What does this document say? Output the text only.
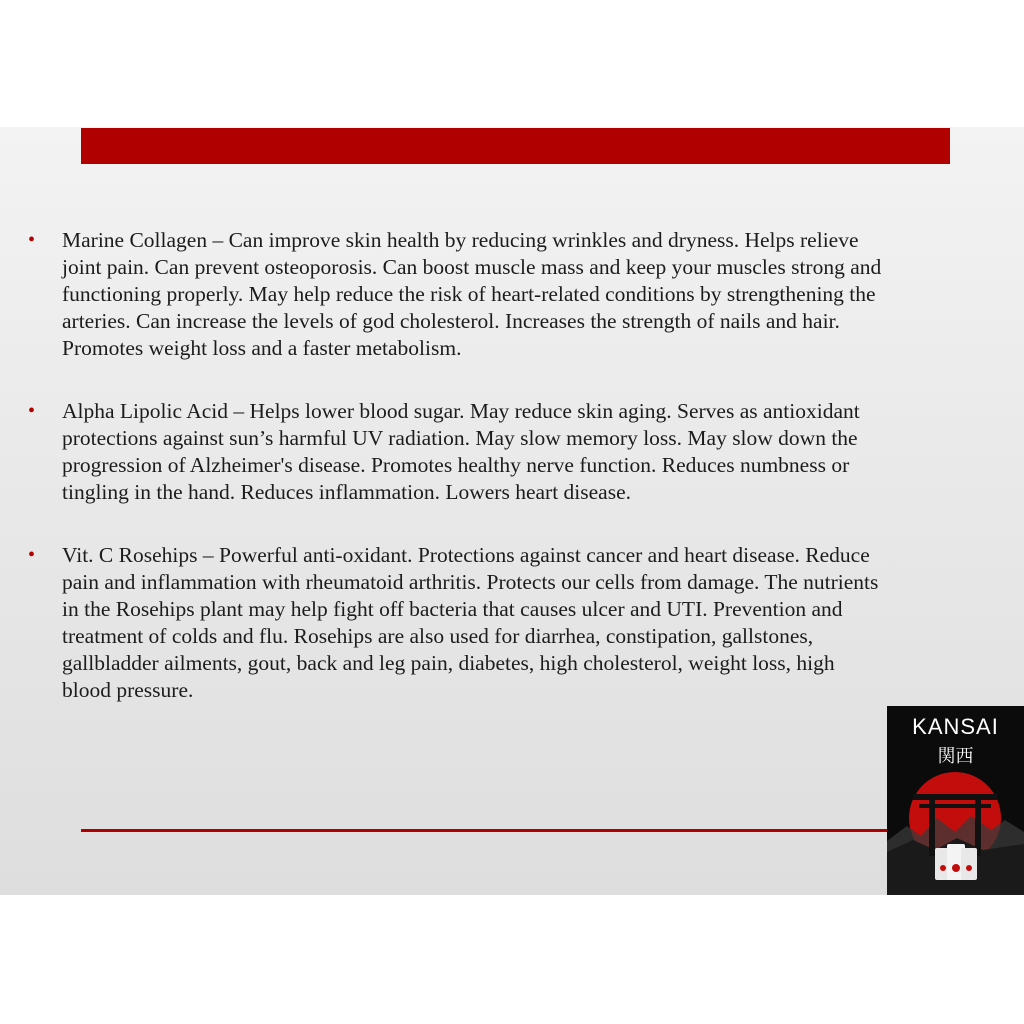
• Marine Collagen – Can improve skin health by reducing wrinkles and dryness. Helps relieve joint pain. Can prevent osteoporosis. Can boost muscle mass and keep your muscles strong and functioning properly. May help reduce the risk of heart-related conditions by strengthening the arteries. Can increase the levels of god cholesterol. Increases the strength of nails and hair. Promotes weight loss and a faster metabolism.
• Alpha Lipolic Acid – Helps lower blood sugar. May reduce skin aging. Serves as antioxidant protections against sun’s harmful UV radiation. May slow memory loss. May slow down the progression of Alzheimer's disease. Promotes healthy nerve function. Reduces numbness or tingling in the hand. Reduces inflammation. Lowers heart disease.
• Vit. C Rosehips – Powerful anti-oxidant. Protections against cancer and heart disease. Reduce pain and inflammation with rheumatoid arthritis. Protects our cells from damage. The nutrients in the Rosehips plant may help fight off bacteria that causes ulcer and UTI. Prevention and treatment of colds and flu. Rosehips are also used for diarrhea, constipation, gallstones, gallbladder ailments, gout, back and leg pain, diabetes, high cholesterol, weight loss, high blood pressure.
KANSAI
関西
